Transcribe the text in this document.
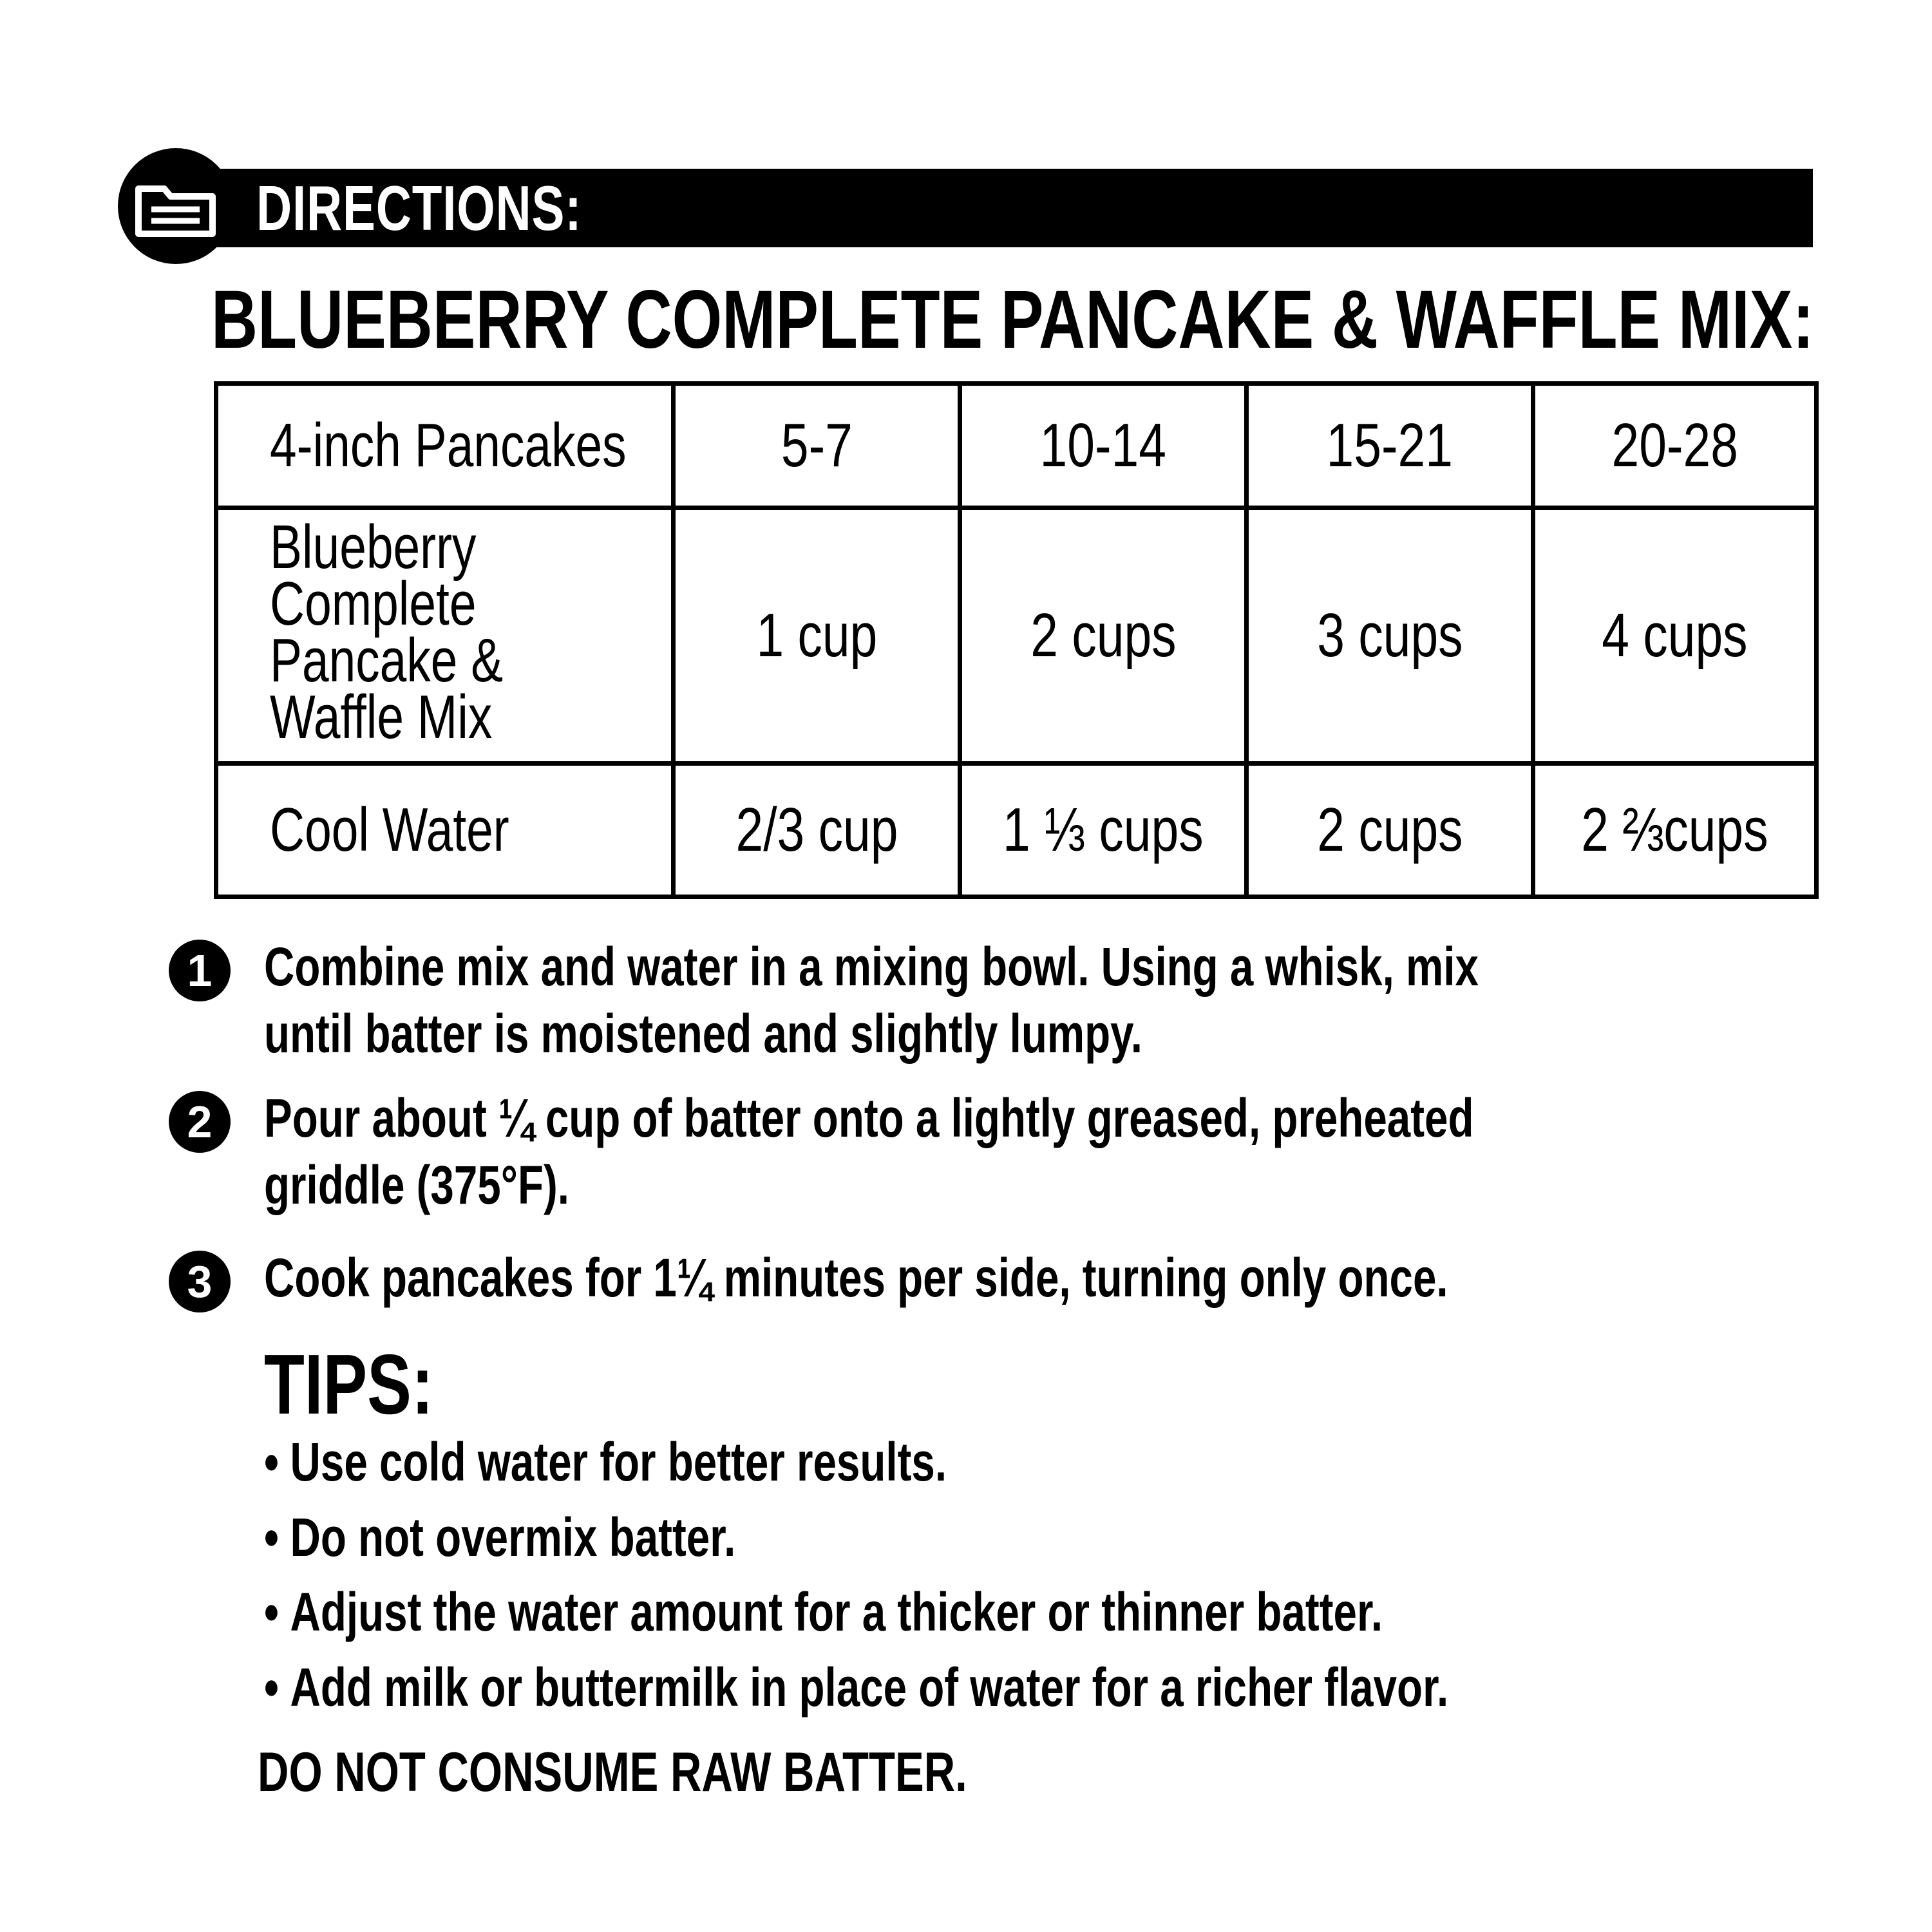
DIRECTIONS:
BLUEBERRY COMPLETE PANCAKE & WAFFLE MIX:
4-inch Pancakes	5-7	10-14	15-21	20-28

Blueberry
Complete
Pancake &
Waffle Mix	1 cup	2 cups	3 cups	4 cups

Cool Water	2/3 cup	1 ⅓ cups	2 cups	2 ⅔cups
1 Combine mix and water in a mixing bowl. Using a whisk, mix
until batter is moistened and slightly lumpy.
2 Pour about ¼ cup of batter onto a lightly greased, preheated
griddle (375°F).
3 Cook pancakes for 1¼ minutes per side, turning only once.
TIPS:
• Use cold water for better results.
• Do not overmix batter.
• Adjust the water amount for a thicker or thinner batter.
• Add milk or buttermilk in place of water for a richer flavor.
DO NOT CONSUME RAW BATTER.
